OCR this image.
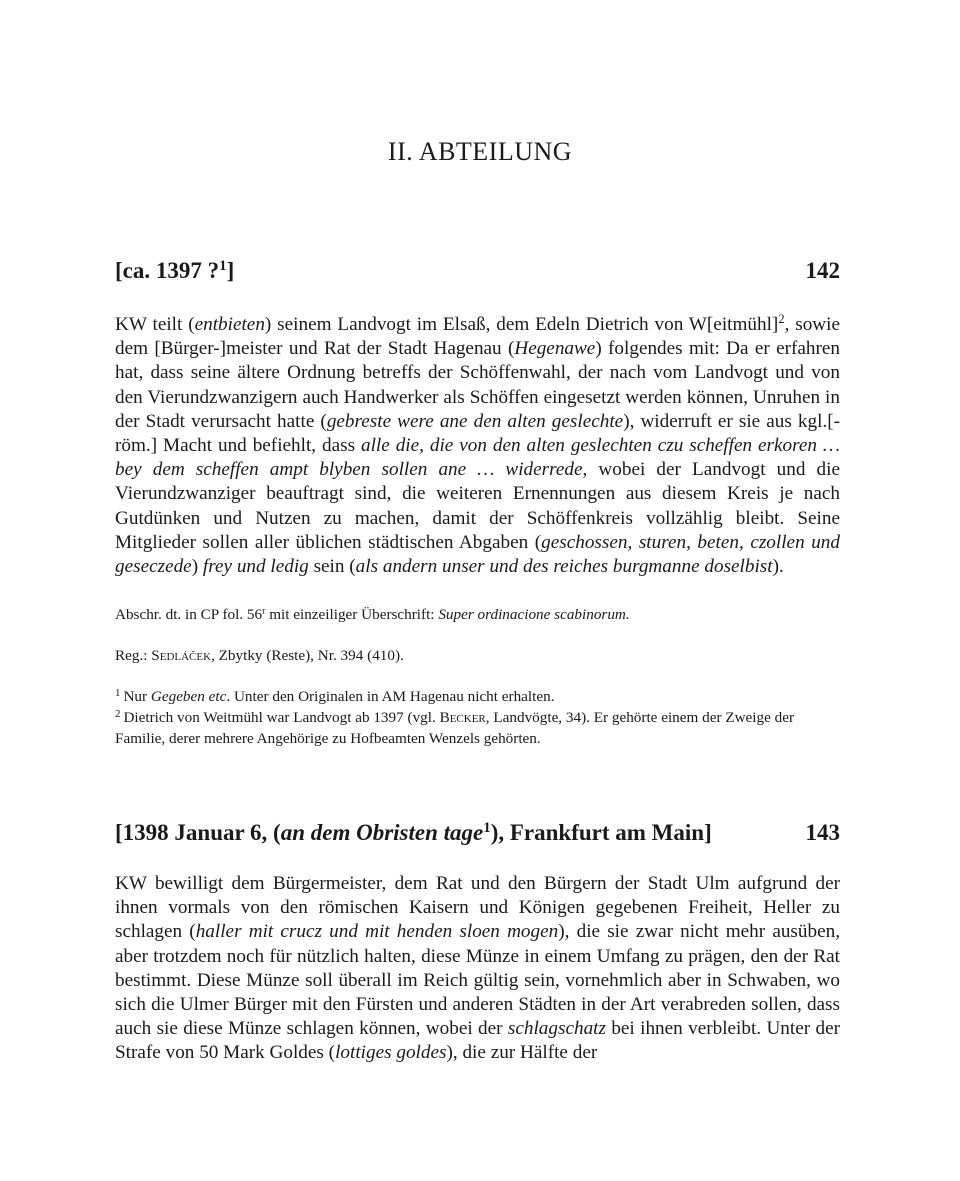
II. ABTEILUNG
[ca. 1397 ?$^1$]	142

KW teilt (entbieten) seinem Landvogt im Elsaß, dem Edeln Dietrich von W[eitmühl]$^2$, sowie dem [Bürger-]meister und Rat der Stadt Hagenau (Hegenawe) folgendes mit: Da er erfahren hat, dass seine ältere Ordnung betreffs der Schöffenwahl, der nach vom Landvogt und von den Vierundzwanzigern auch Handwerker als Schöffen eingesetzt werden können, Unruhen in der Stadt verursacht hatte (gebreste were ane den alten geslechte), widerruft er sie aus kgl.[-röm.] Macht und befiehlt, dass alle die, die von den alten geslechten czu scheffen erkoren … bey dem scheffen ampt blyben sollen ane … widerrede, wobei der Landvogt und die Vierundzwanziger beauftragt sind, die weiteren Ernennungen aus diesem Kreis je nach Gutdünken und Nutzen zu machen, damit der Schöffenkreis vollzählig bleibt. Seine Mitglieder sollen aller üblichen städtischen Abgaben (geschossen, sturen, beten, czollen und geseczede) frey und ledig sein (als andern unser und des reiches burgmanne doselbist).

Abschr. dt. in CP fol. 56$^r$ mit einzeiliger Überschrift: Super ordinacione scabinorum.

Reg.: Sedláček, Zbytky (Reste), Nr. 394 (410).

$^1$ Nur Gegeben etc. Unter den Originalen in AM Hagenau nicht erhalten.

$^2$ Dietrich von Weitmühl war Landvogt ab 1397 (vgl. Becker, Landvögte, 34). Er gehörte einem der Zweige der Familie, derer mehrere Angehörige zu Hofbeamten Wenzels gehörten.

[1398 Januar 6, (an dem Obristen tage$^1$), Frankfurt am Main]	143

KW bewilligt dem Bürgermeister, dem Rat und den Bürgern der Stadt Ulm aufgrund der ihnen vormals von den römischen Kaisern und Königen gegebenen Freiheit, Heller zu schlagen (haller mit crucz und mit henden sloen mogen), die sie zwar nicht mehr ausüben, aber trotzdem noch für nützlich halten, diese Münze in einem Umfang zu prägen, den der Rat bestimmt. Diese Münze soll überall im Reich gültig sein, vornehmlich aber in Schwaben, wo sich die Ulmer Bürger mit den Fürsten und anderen Städten in der Art verabreden sollen, dass auch sie diese Münze schlagen können, wobei der schlagschatz bei ihnen verbleibt. Unter der Strafe von 50 Mark Goldes (lottiges goldes), die zur Hälfte der
